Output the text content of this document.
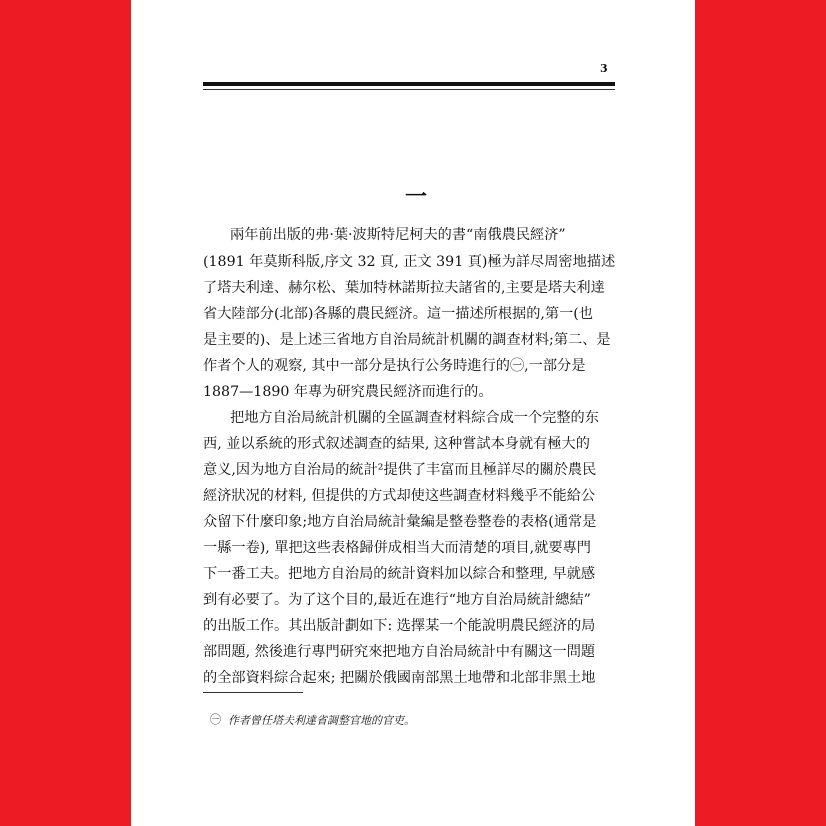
3
一
兩年前出版的弗·葉·波斯特尼柯夫的書“南俄農民經济”
(1891 年莫斯科版,序文 32 頁, 正文 391 頁)極为詳尽周密地描述
了塔夫利達、赫尔松、葉加特林諾斯拉夫諸省的,主要是塔夫利達
省大陸部分(北部)各縣的農民經济。這一描述所根据的,第一(也
是主要的)、是上述三省地方自治局統計机關的調查材料;第二、是
作者个人的观察, 其中一部分是执行公务時進行的㊀,一部分是
1887—1890 年專为研究農民經济而進行的。
把地方自治局統計机關的全區調查材料綜合成一个完整的东
西, 並以系統的形式叙述調查的結果, 这种嘗試本身就有極大的
意义,因为地方自治局的統計²提供了丰富而且極詳尽的關於農民
經济狀况的材料, 但提供的方式却使这些調查材料幾乎不能給公
众留下什麼印象;地方自治局統計彙編是整卷整卷的表格(通常是
一縣一卷), 單把这些表格歸併成相当大而清楚的項目,就要專門
下一番工夫。把地方自治局的統計資料加以綜合和整理, 早就感
到有必要了。为了这个目的,最近在進行“地方自治局統計總結”
的出版工作。其出版計劃如下: 选擇某一个能說明農民經济的局
部問題, 然後進行專門研究來把地方自治局統計中有關这一問題
的全部資料綜合起來; 把關於俄國南部黑土地帶和北部非黑土地
㊀ 作者曾任塔夫利達省調整官地的官吏。
